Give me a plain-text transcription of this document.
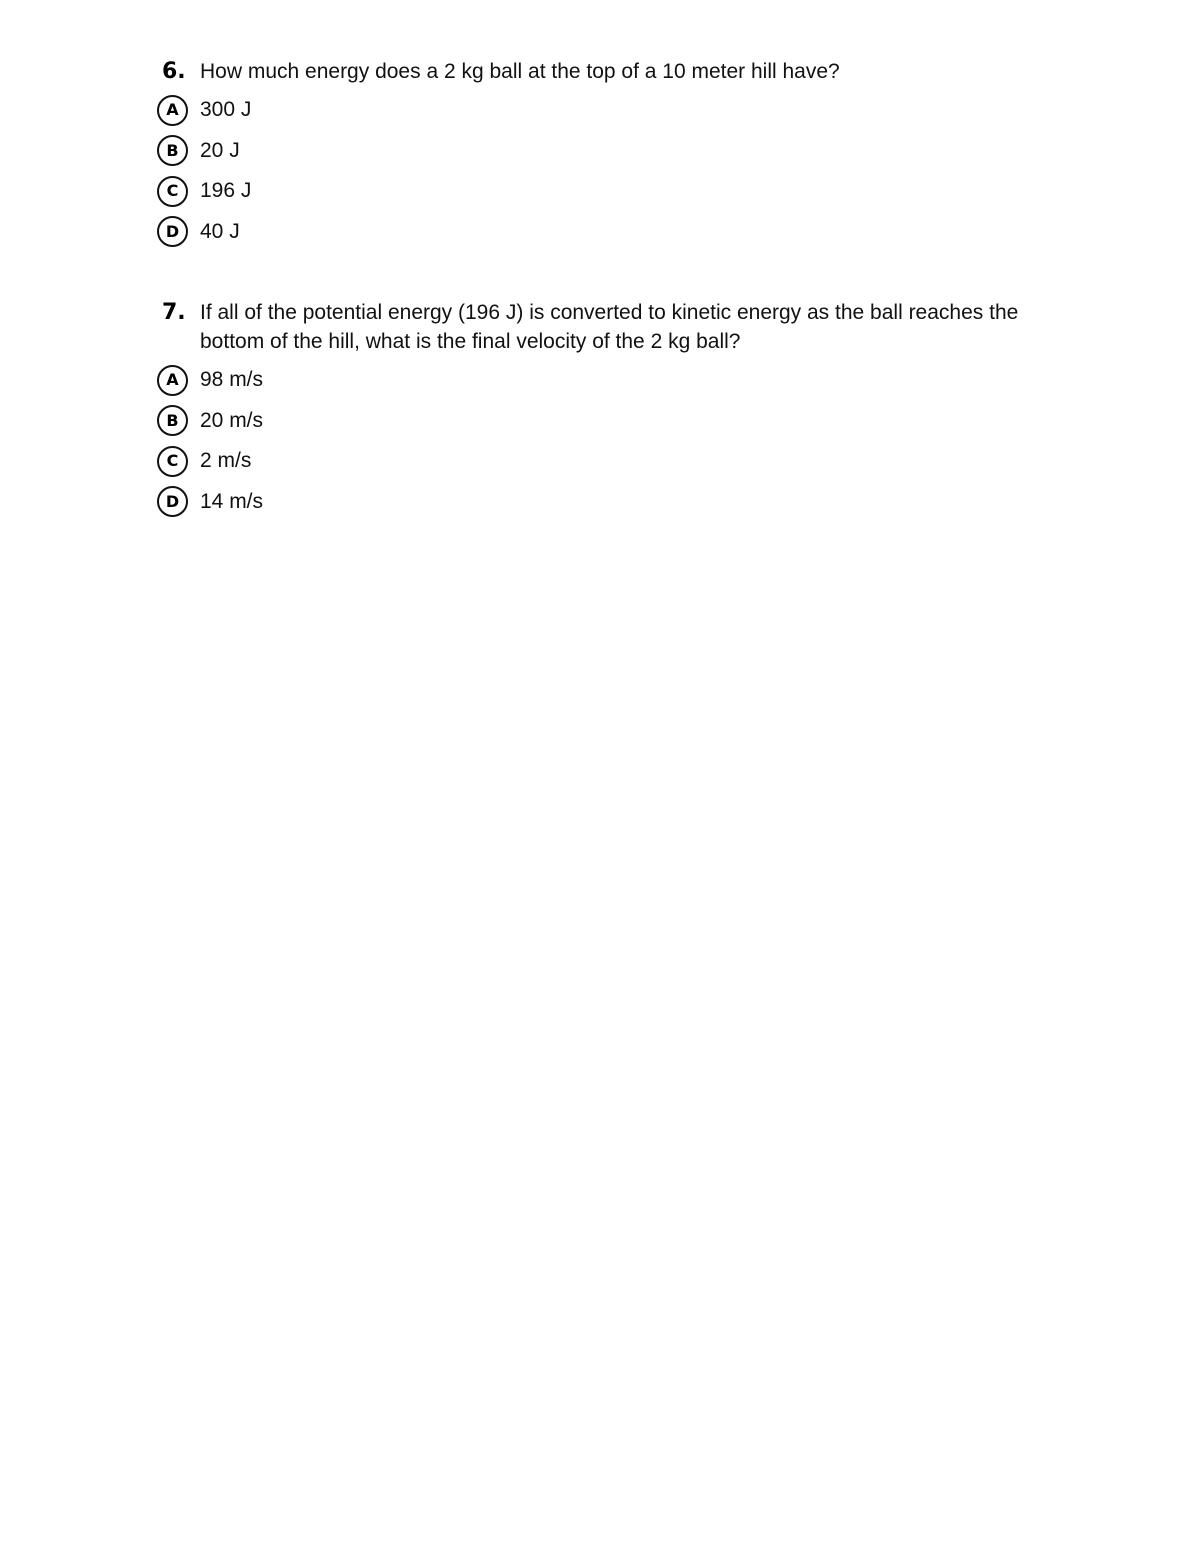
6. How much energy does a 2 kg ball at the top of a 10 meter hill have?
A	300 J
B	20 J
C	196 J
D 40 J
7. If all of the potential energy (196 J) is converted to kinetic energy as the ball reaches the bottom of the hill, what is the final velocity of the 2 kg ball?
A	98 m/s
B	20 m/s
C	2 m/s
D 14 m/s
